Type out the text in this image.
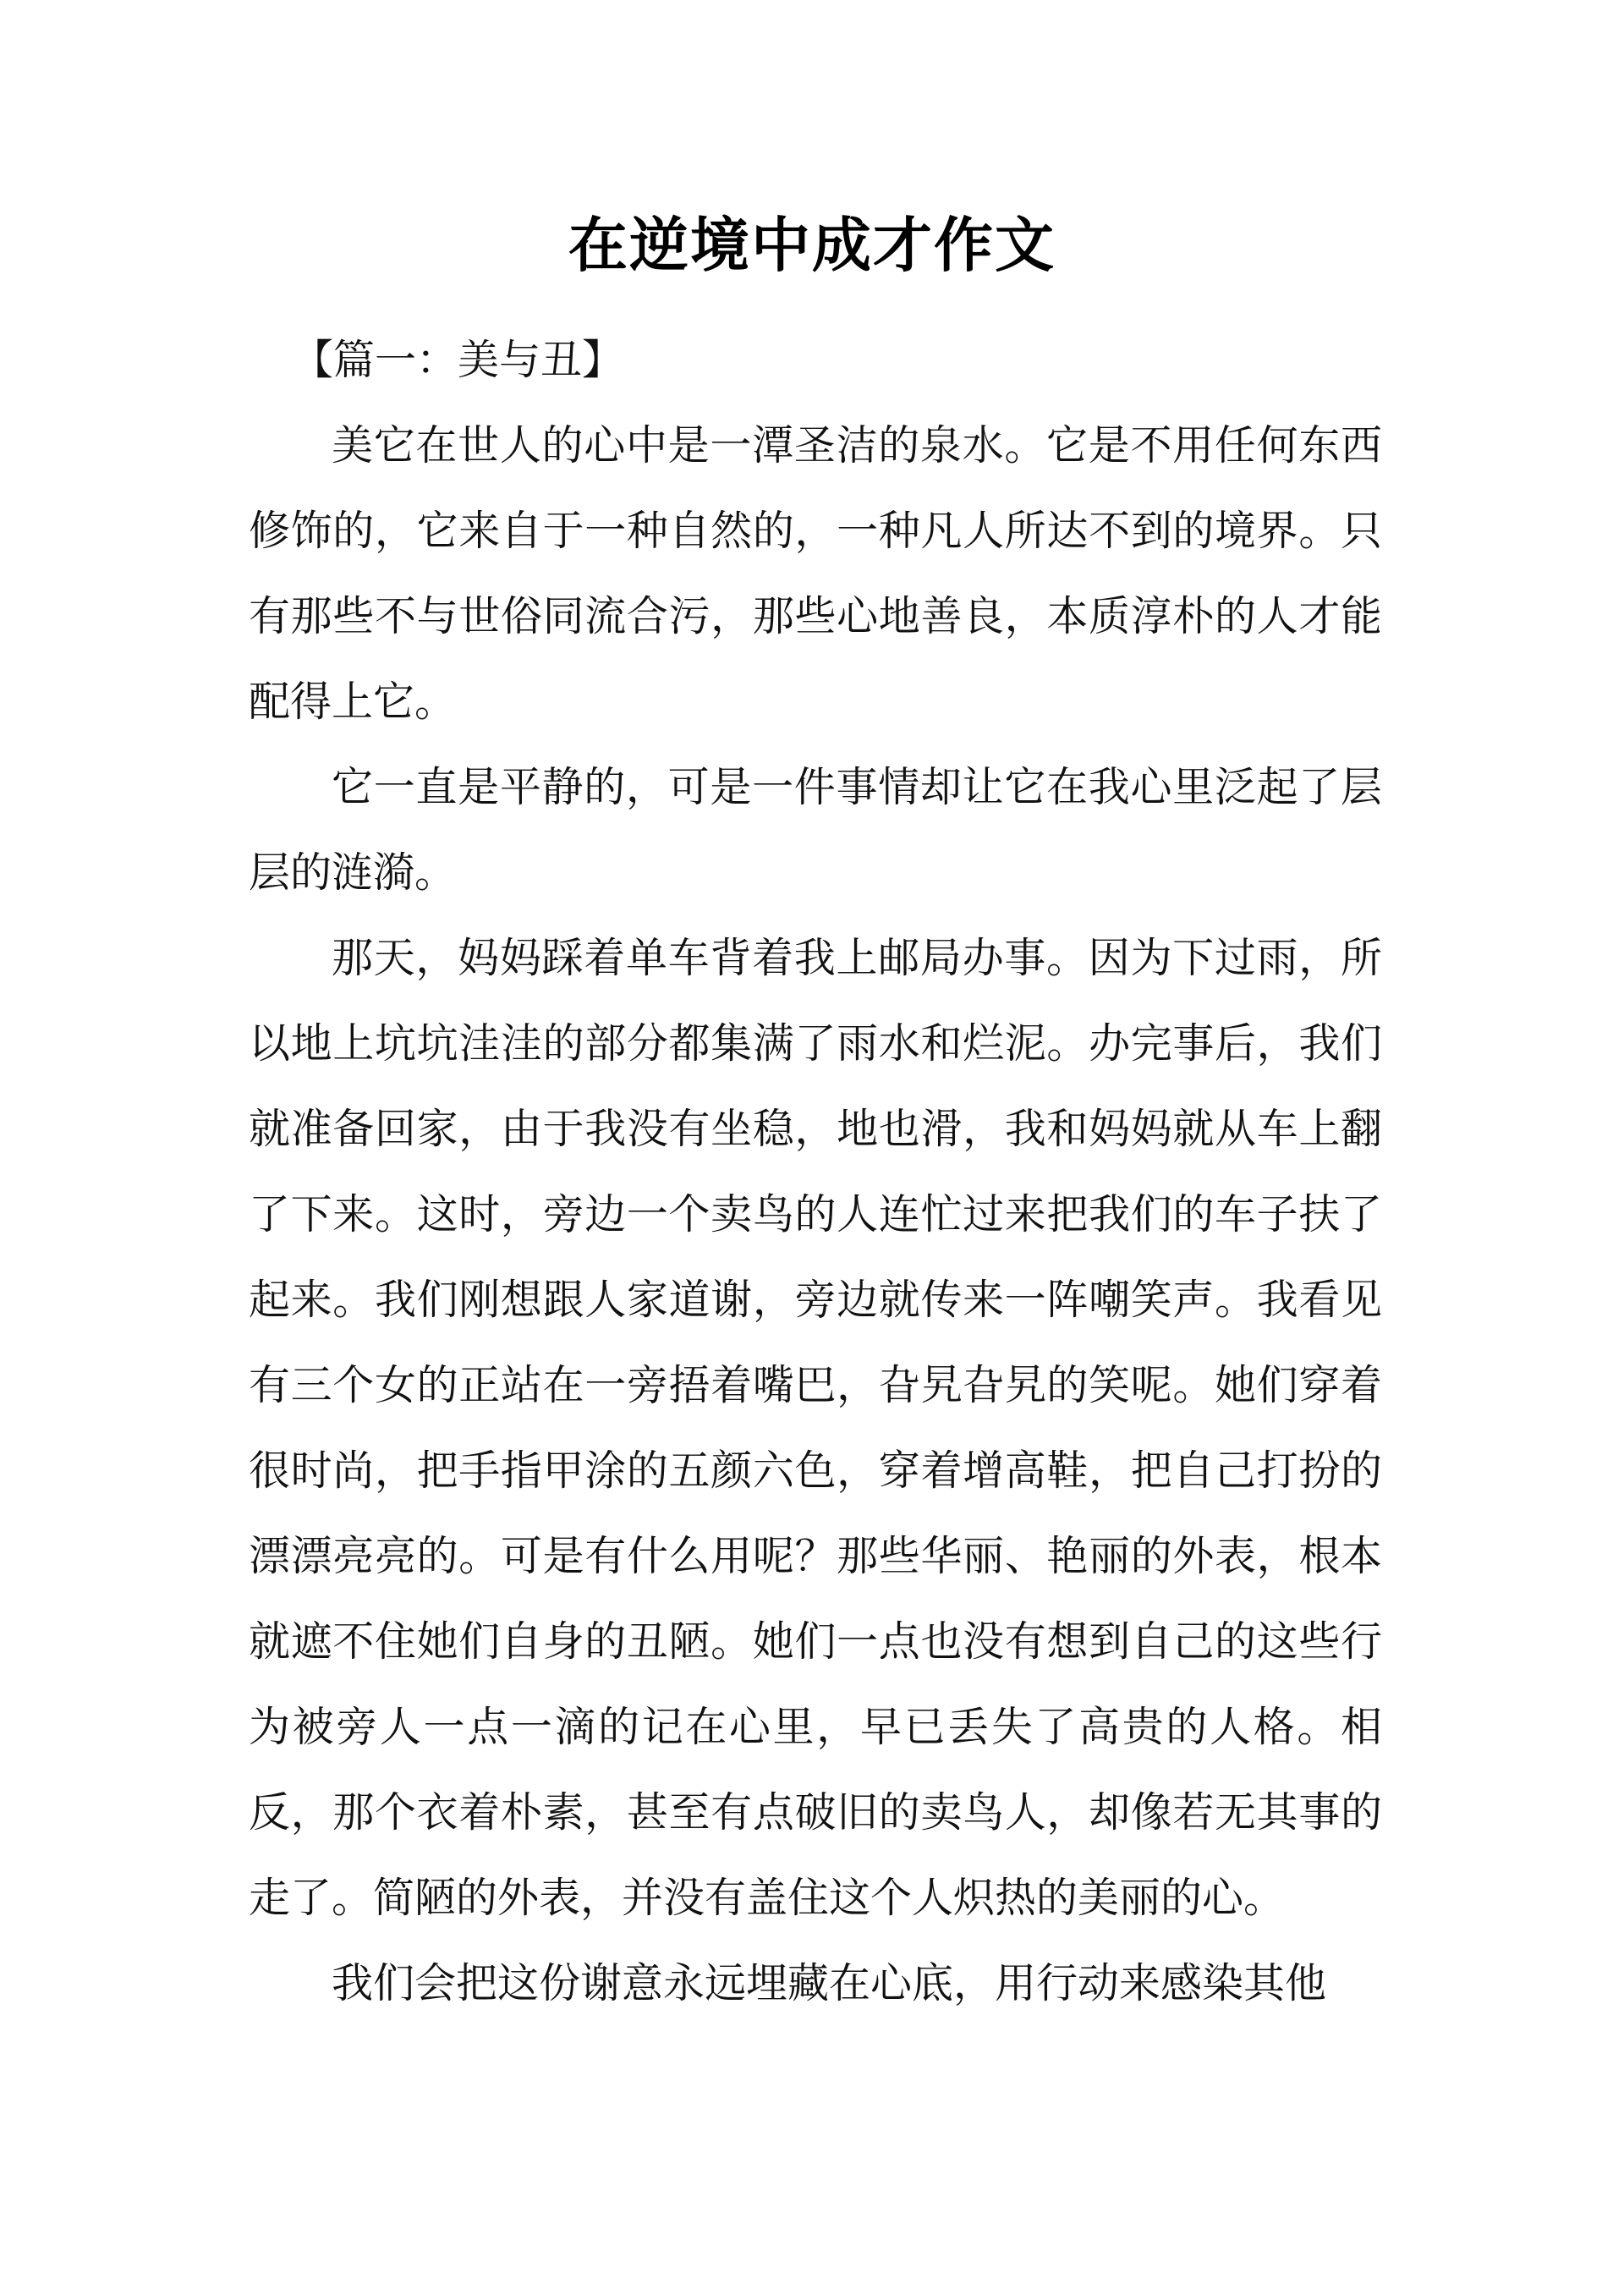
在逆境中成才作文

【篇一：美与丑】

美它在世人的心中是一潭圣洁的泉水。它是不用任何东西修饰的，它来自于一种自然的，一种凡人所达不到的境界。只有那些不与世俗同流合污，那些心地善良，本质淳朴的人才能配得上它。

它一直是平静的，可是一件事情却让它在我心里泛起了层层的涟漪。

那天，妈妈踩着单车背着我上邮局办事。因为下过雨，所以地上坑坑洼洼的部分都集满了雨水和烂泥。办完事后，我们就准备回家，由于我没有坐稳，地也滑，我和妈妈就从车上翻了下来。这时，旁边一个卖鸟的人连忙过来把我们的车子扶了起来。我们刚想跟人家道谢，旁边就传来一阵嘲笑声。我看见有三个女的正站在一旁捂着嘴巴，旮旯旮旯的笑呢。她们穿着很时尚，把手指甲涂的五颜六色，穿着增高鞋，把自己打扮的漂漂亮亮的。可是有什么用呢？那些华丽、艳丽的外表，根本就遮不住她们自身的丑陋。她们一点也没有想到自己的这些行为被旁人一点一滴的记在心里，早已丢失了高贵的人格。相反，那个衣着朴素，甚至有点破旧的卖鸟人，却像若无其事的走了。简陋的外表，并没有盖住这个人炽热的美丽的心。

我们会把这份谢意永远埋藏在心底，用行动来感染其他
